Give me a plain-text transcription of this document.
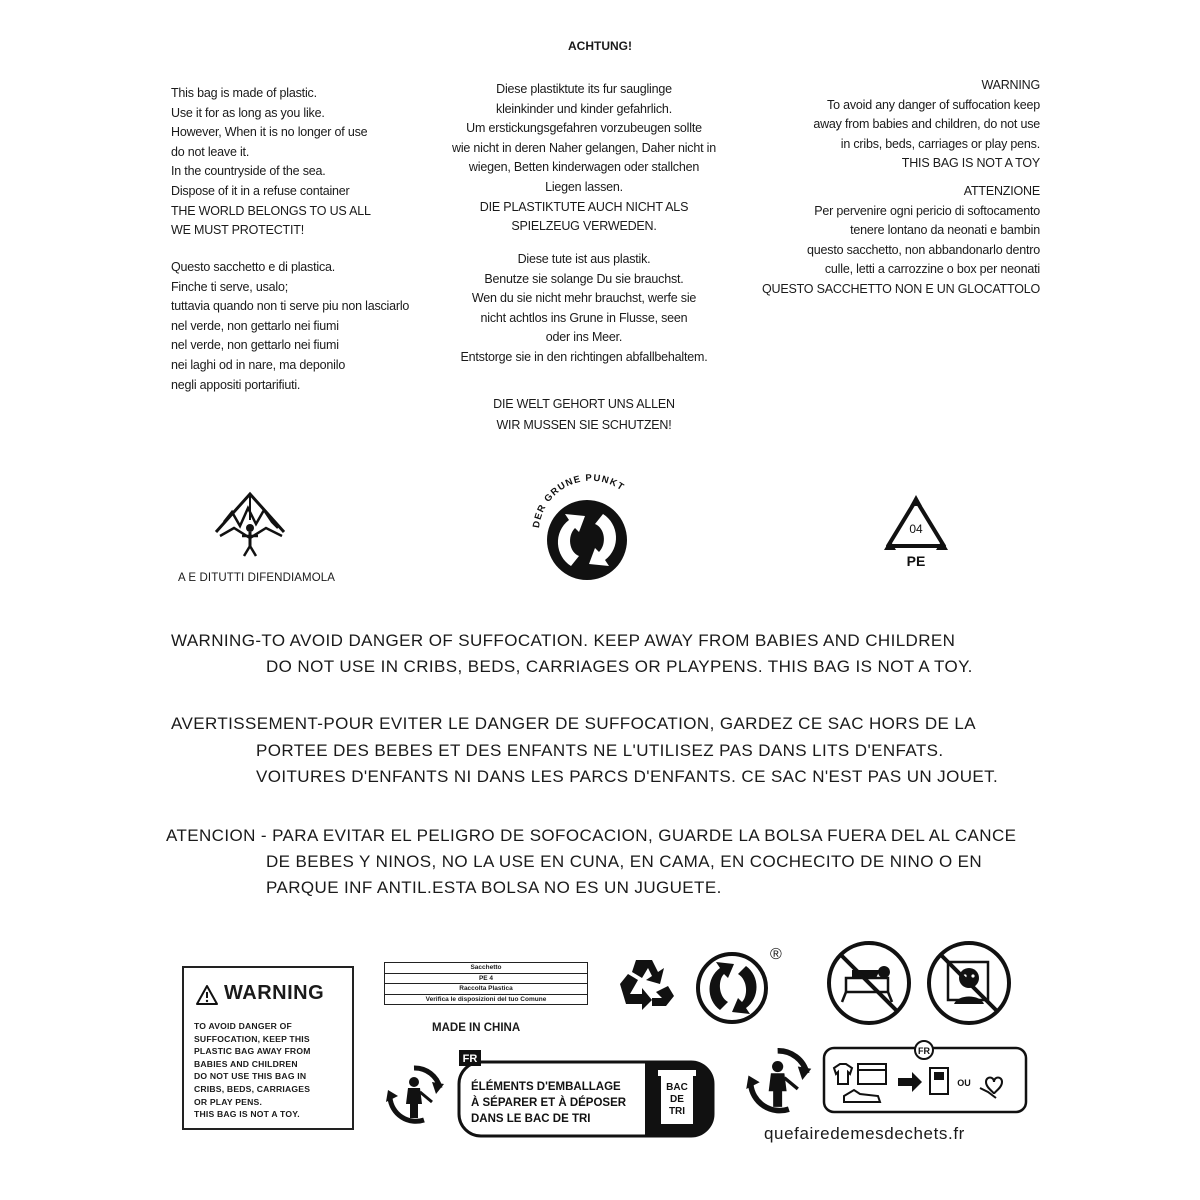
ACHTUNG!
This bag is made of plastic.
Use it for as long as you like.
However, When it is no longer of use
do not leave it.
In the countryside of the sea.
Dispose of it in a refuse container
THE WORLD BELONGS TO US ALL
WE MUST PROTECTIT!
Questo sacchetto e di plastica.
Finche ti serve, usalo;
tuttavia quando non ti serve piu non lasciarlo
nel verde, non gettarlo nei fiumi
nel verde, non gettarlo nei fiumi
nei laghi od in nare, ma deponilo
negli appositi portarifiuti.
Diese plastiktute its fur sauglinge
kleinkinder und kinder gefahrlich.
Um erstickungsgefahren vorzubeugen sollte
wie nicht in deren Naher gelangen, Daher nicht in
wiegen, Betten kinderwagen oder stallchen
Liegen lassen.
DIE PLASTIKTUTE AUCH NICHT ALS
SPIELZEUG VERWEDEN.
Diese tute ist aus plastik.
Benutze sie solange Du sie brauchst.
Wen du sie nicht mehr brauchst, werfe sie
nicht achtlos ins Grune in Flusse, seen
oder ins Meer.
Entstorge sie in den richtingen abfallbehaltem.
DIE WELT GEHORT UNS ALLEN
WIR MUSSEN SIE SCHUTZEN!
WARNING
To avoid any danger of suffocation keep
away from babies and children, do not use
in cribs, beds, carriages or play pens.
THIS BAG IS NOT A TOY
ATTENZIONE
Per pervenire ogni pericio di softocamento
tenere lontano da neonati e bambin
questo sacchetto, non abbandonarlo dentro
culle, letti a carrozzine o box per neonati
QUESTO SACCHETTO NON E UN GLOCATTOLO
A E DITUTTI DIFENDIAMOLA
DER GRUNE PUNKT
04
PE
WARNING-TO AVOID DANGER OF SUFFOCATION. KEEP AWAY FROM BABIES AND CHILDREN
DO NOT USE IN CRIBS, BEDS, CARRIAGES OR PLAYPENS. THIS BAG IS NOT A TOY.
AVERTISSEMENT-POUR EVITER LE DANGER DE SUFFOCATION, GARDEZ CE SAC HORS DE LA
PORTEE DES BEBES ET DES ENFANTS NE L'UTILISEZ PAS DANS LITS D'ENFATS.
VOITURES D'ENFANTS NI DANS LES PARCS D'ENFANTS. CE SAC N'EST PAS UN JOUET.
ATENCION - PARA EVITAR EL PELIGRO DE SOFOCACION, GUARDE LA BOLSA FUERA DEL AL CANCE
DE BEBES Y NINOS, NO LA USE EN CUNA, EN CAMA, EN COCHECITO DE NINO O EN
PARQUE INF ANTIL.ESTA BOLSA NO ES UN JUGUETE.
WARNING
TO AVOID DANGER OF
SUFFOCATION, KEEP THIS
PLASTIC BAG AWAY FROM
BABIES AND CHILDREN
DO NOT USE THIS BAG IN
CRIBS, BEDS, CARRIAGES
OR PLAY PENS.
THIS BAG IS NOT A TOY.
Sacchetto
PE 4
Raccolta Plastica
Verifica le disposizioni del tuo Comune
MADE IN CHINA
®
FR
BAC
DE
TRI
ÉLÉMENTS D'EMBALLAGE
À SÉPARER ET À DÉPOSER
DANS LE BAC DE TRI
FR
OU
quefairedemesdechets.fr
